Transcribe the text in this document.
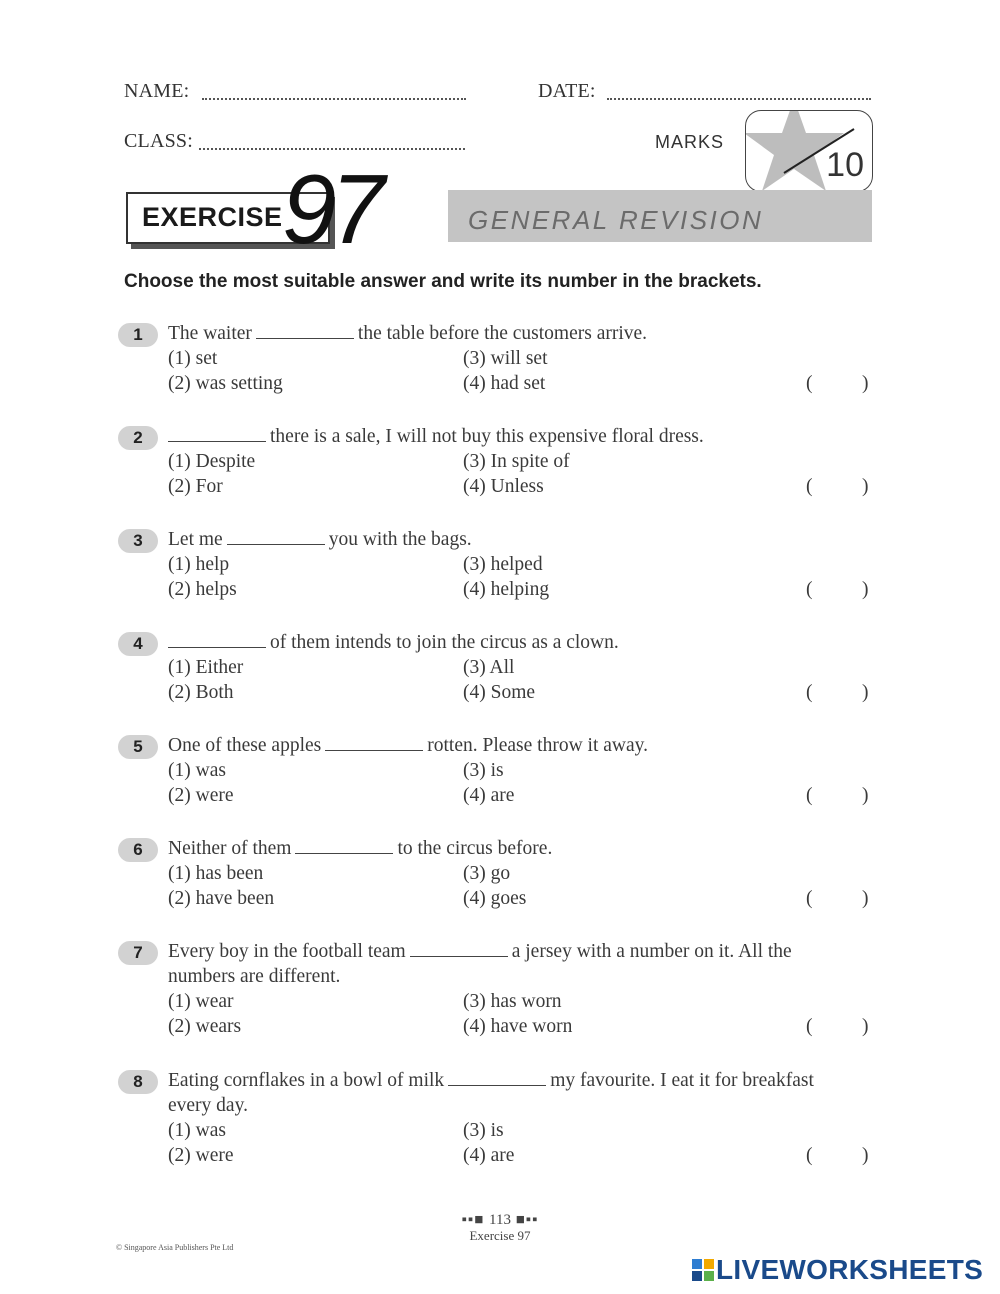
NAME:	DATE:
CLASS:	MARKS
10
EXERCISE 97	GENERAL REVISION
Choose the most suitable answer and write its number in the brackets.
1	The waiter	the table before the customers arrive.
(1) set	(3) will set
(2) was setting	(4) had set	(	)
2	there is a sale, I will not buy this expensive floral dress.
(1) Despite	(3) In spite of
(2) For	(4) Unless	(	)
3	Let me	you with the bags.
(1) help	(3) helped
(2) helps	(4) helping	(	)
4	of them intends to join the circus as a clown.
(1) Either	(3) All
(2) Both	(4) Some	(	)
5	One of these apples	rotten. Please throw it away.
(1) was	(3) is
(2) were	(4) are	(	)
6	Neither of them	to the circus before.
(1) has been	(3) go
(2) have been	(4) goes	(	)
7	Every boy in the football team	a jersey with a number on it. All the
numbers are different.
(1) wear	(3) has worn
(2) wears	(4) have worn	(	)
8	Eating cornflakes in a bowl of milk	my favourite. I eat it for breakfast
every day.
(1) was	(3) is
(2) were	(4) are	(	)
▪▪■ 113 ■▪▪
Exercise 97
© Singapore Asia Publishers Pte Ltd
LIVEWORKSHEETS
